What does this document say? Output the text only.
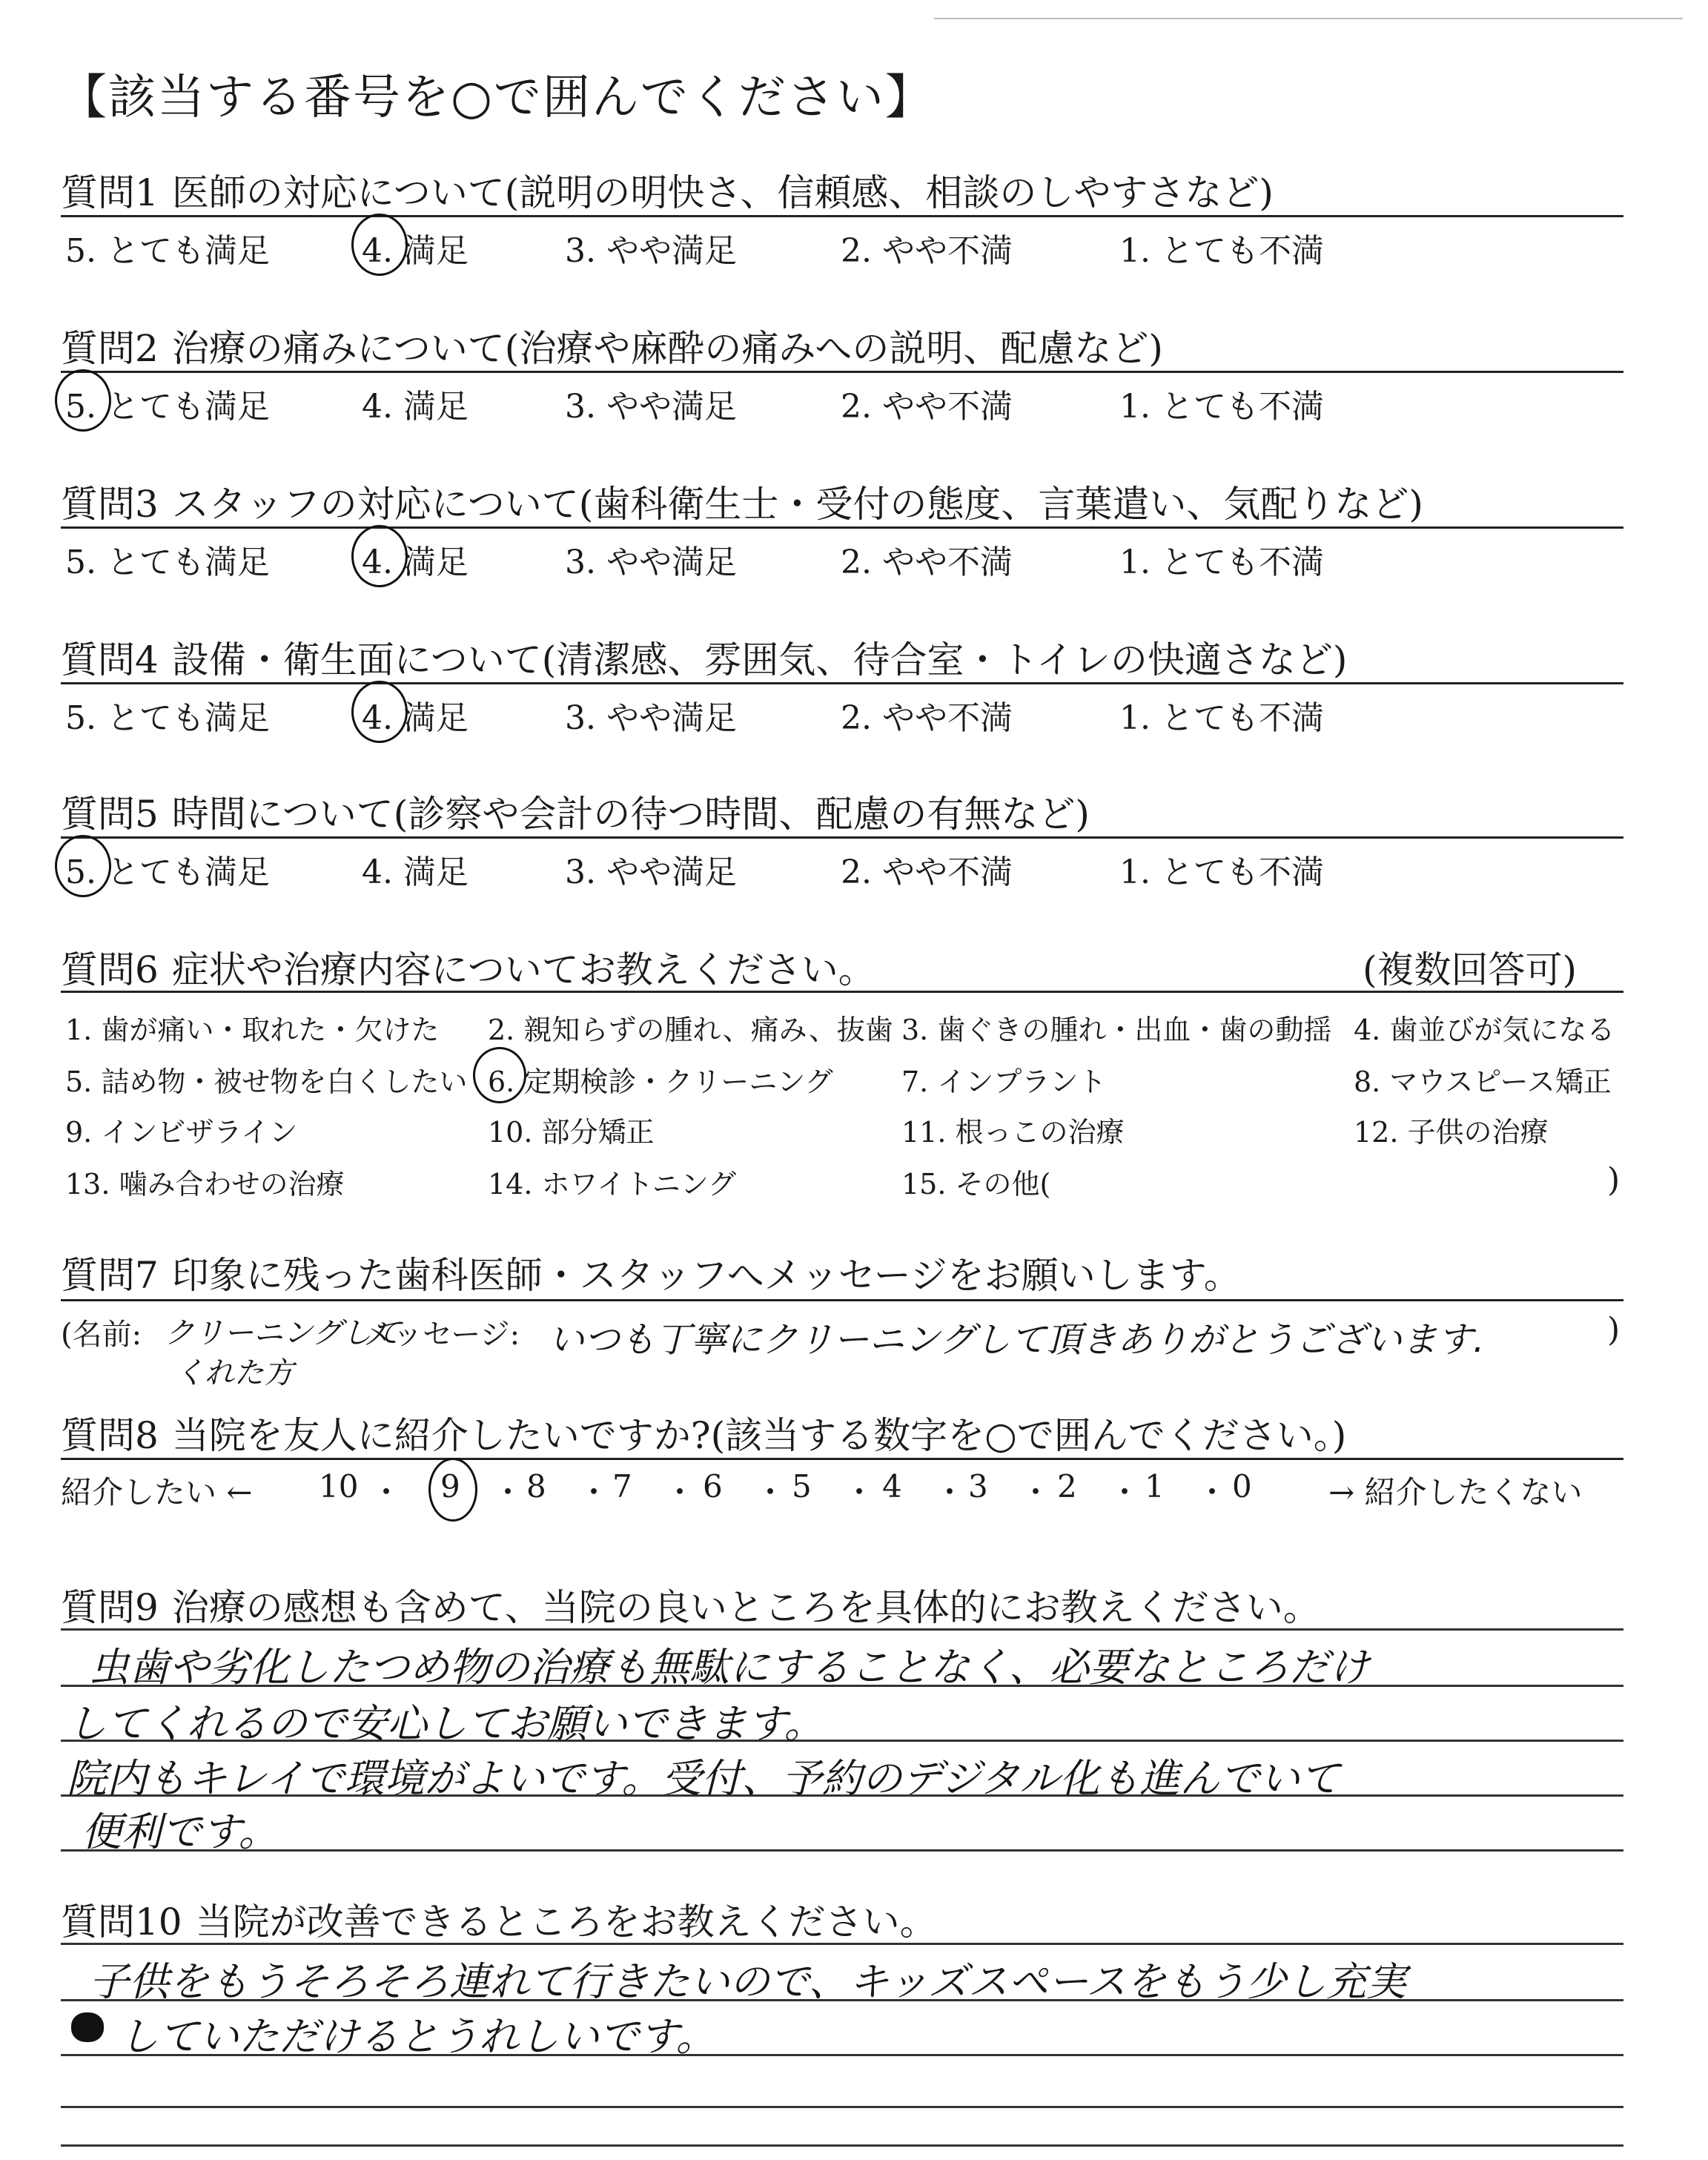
【該当する番号を○で囲んでください】
質問1 医師の対応について(説明の明快さ、信頼感、相談のしやすさなど)
5. とても満足	4. 満足	3. やや満足	2. やや不満	1. とても不満
質問2 治療の痛みについて(治療や麻酔の痛みへの説明、配慮など)
5. とても満足	4. 満足	3. やや満足	2. やや不満	1. とても不満
質問3 スタッフの対応について(歯科衛生士・受付の態度、言葉遣い、気配りなど)
5. とても満足	4. 満足	3. やや満足	2. やや不満	1. とても不満
質問4 設備・衛生面について(清潔感、雰囲気、待合室・トイレの快適さなど)
5. とても満足	4. 満足	3. やや満足	2. やや不満	1. とても不満
質問5 時間について(診察や会計の待つ時間、配慮の有無など)
5. とても満足	4. 満足	3. やや満足	2. やや不満	1. とても不満
質問6 症状や治療内容についてお教えください。	(複数回答可)
1. 歯が痛い・取れた・欠けた 2. 親知らずの腫れ、痛み、抜歯 3. 歯ぐきの腫れ・出血・歯の動揺 4. 歯並びが気になる
5. 詰め物・被せ物を白くしたい 6. 定期検診・クリーニング 7. インプラント	8. マウスピース矯正
9. インビザライン	10. 部分矯正	11. 根っこの治療	12. 子供の治療
13. 噛み合わせの治療	14. ホワイトニング	15. その他(	)
質問7 印象に残った歯科医師・スタッフへメッセージをお願いします。
(名前: クリーニングして
くれた方
メッセージ: いつも丁寧にクリーニングして頂きありがとうございます.	)
質問8 当院を友人に紹介したいですか?(該当する数字を○で囲んでください。)
紹介したい ← 10 ・ 9 ・ 8 ・ 7 ・ 6 ・ 5 ・ 4 ・ 3 ・ 2 ・ 1 ・ 0 → 紹介したくない
質問9 治療の感想も含めて、当院の良いところを具体的にお教えください。
虫歯や劣化したつめ物の治療も無駄にすることなく、必要なところだけ
してくれるので安心してお願いできます。
院内もキレイで環境がよいです。受付、予約のデジタル化も進んでいて
便利です。
質問10 当院が改善できるところをお教えください。
子供をもうそろそろ連れて行きたいので、キッズスペースをもう少し充実
していただけるとうれしいです。
